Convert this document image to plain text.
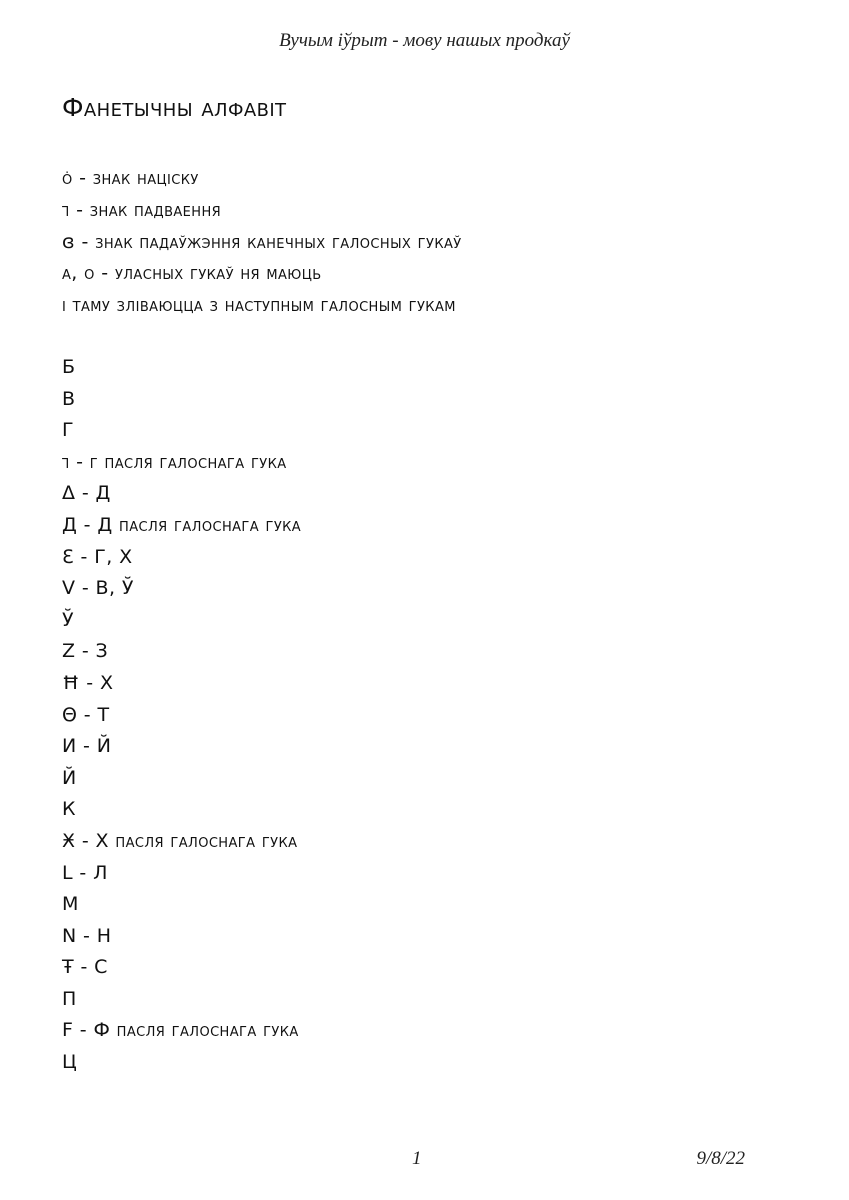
Вучым іўрыт - мову нашых продкаў
Фанетычны алфавіт
ȯ - знак націску
ꞁ - знак падваення
ɞ - знак падаўжэння канечных галосных гукаў
а, о - уласных гукаў ня маюць
і таму зліваюцца з наступным галосным гукам
Б
В
Г
ꞁ - г пасля галоснага гука
Δ - Д
Д - Д пасля галоснага гука
Ɛ - Г, Х
V - В, Ў
Ў
Z - З
Ħ - Х
Θ - Т
И - Й
Й
К
Ӿ - Х пасля галоснага гука
L - Л
М
N - Н
Ŧ - С
П
F - Ф пасля галоснага гука
Ц
1	9/8/22
